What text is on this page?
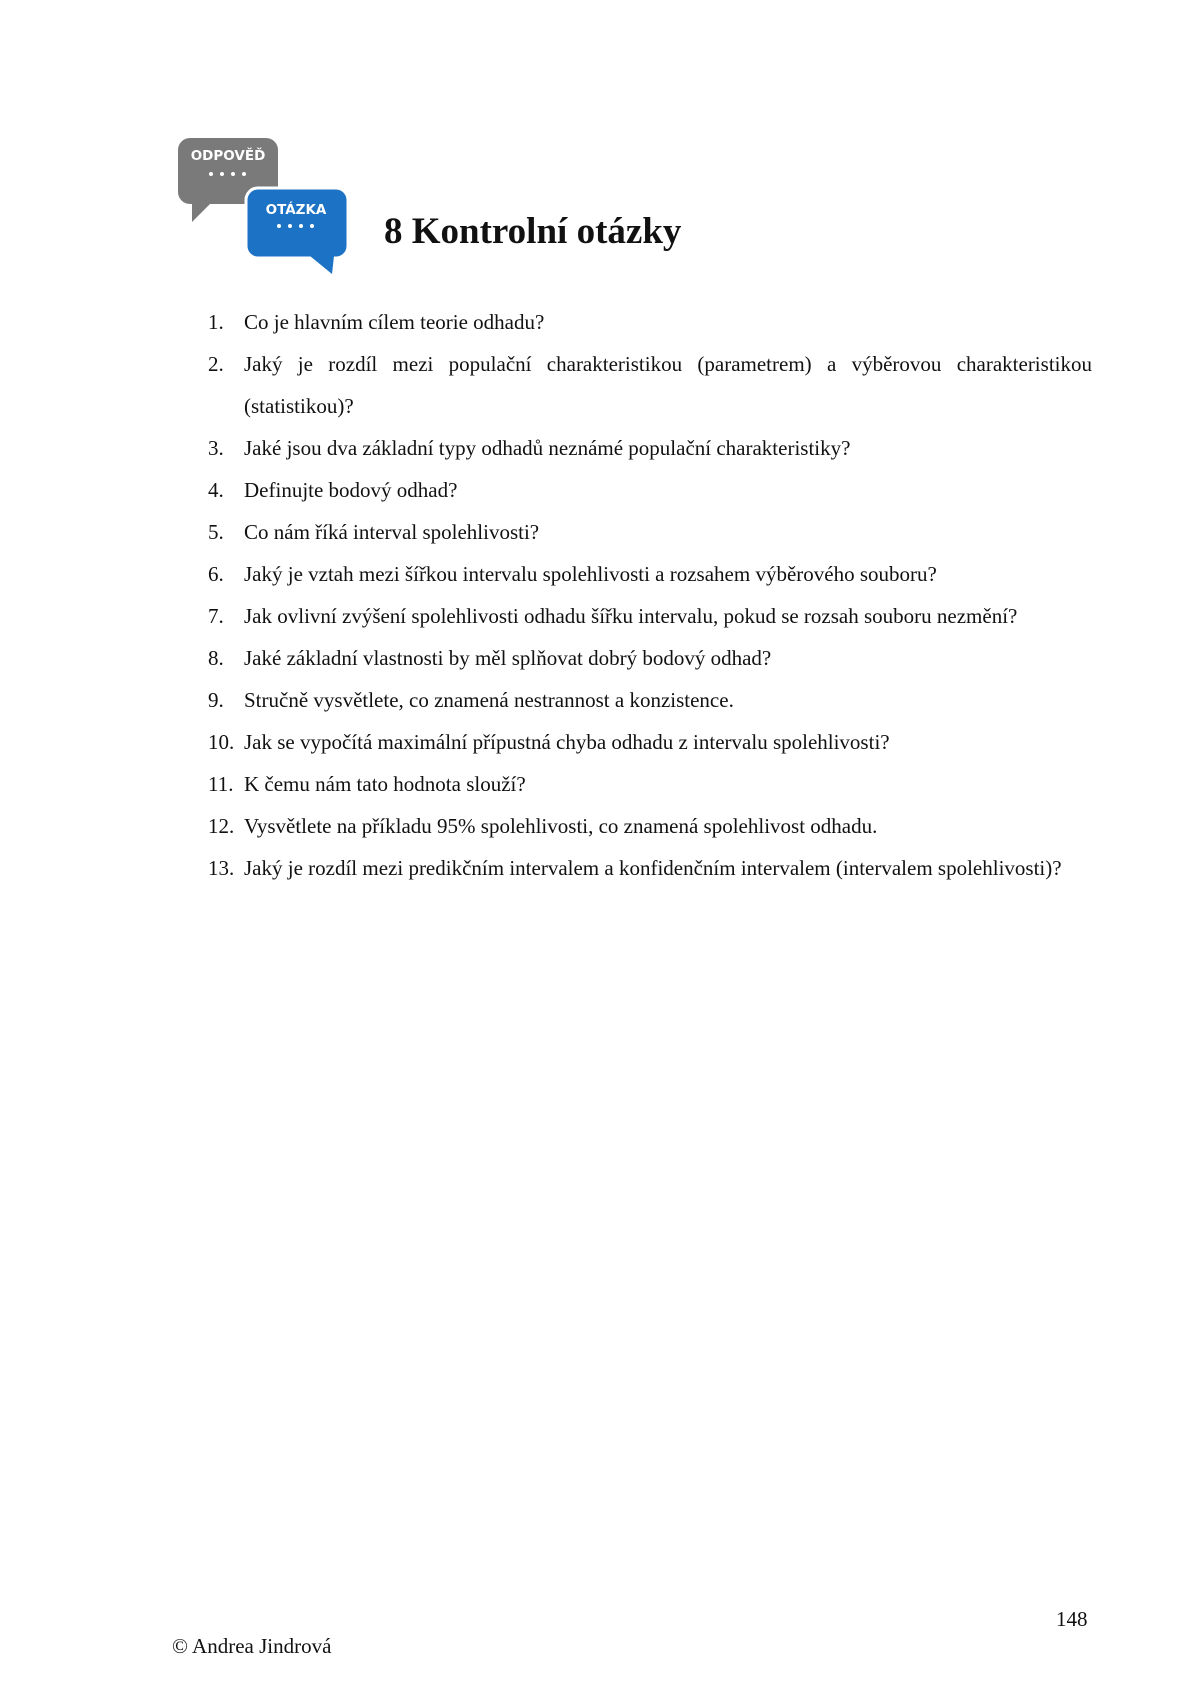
ODPOVĚĎ
OTÁZKA
8 Kontrolní otázky
1. Co je hlavním cílem teorie odhadu?
2. Jaký je rozdíl mezi populační charakteristikou (parametrem) a výběrovou charakteristikou (statistikou)?
3. Jaké jsou dva základní typy odhadů neznámé populační charakteristiky?
4. Definujte bodový odhad?
5. Co nám říká interval spolehlivosti?
6. Jaký je vztah mezi šířkou intervalu spolehlivosti a rozsahem výběrového souboru?
7. Jak ovlivní zvýšení spolehlivosti odhadu šířku intervalu, pokud se rozsah souboru nezmění?
8. Jaké základní vlastnosti by měl splňovat dobrý bodový odhad?
9. Stručně vysvětlete, co znamená nestrannost a konzistence.
10. Jak se vypočítá maximální přípustná chyba odhadu z intervalu spolehlivosti?
11. K čemu nám tato hodnota slouží?
12. Vysvětlete na příkladu 95% spolehlivosti, co znamená spolehlivost odhadu.
13. Jaký je rozdíl mezi predikčním intervalem a konfidenčním intervalem (intervalem spolehlivosti)?
148
© Andrea Jindrová
